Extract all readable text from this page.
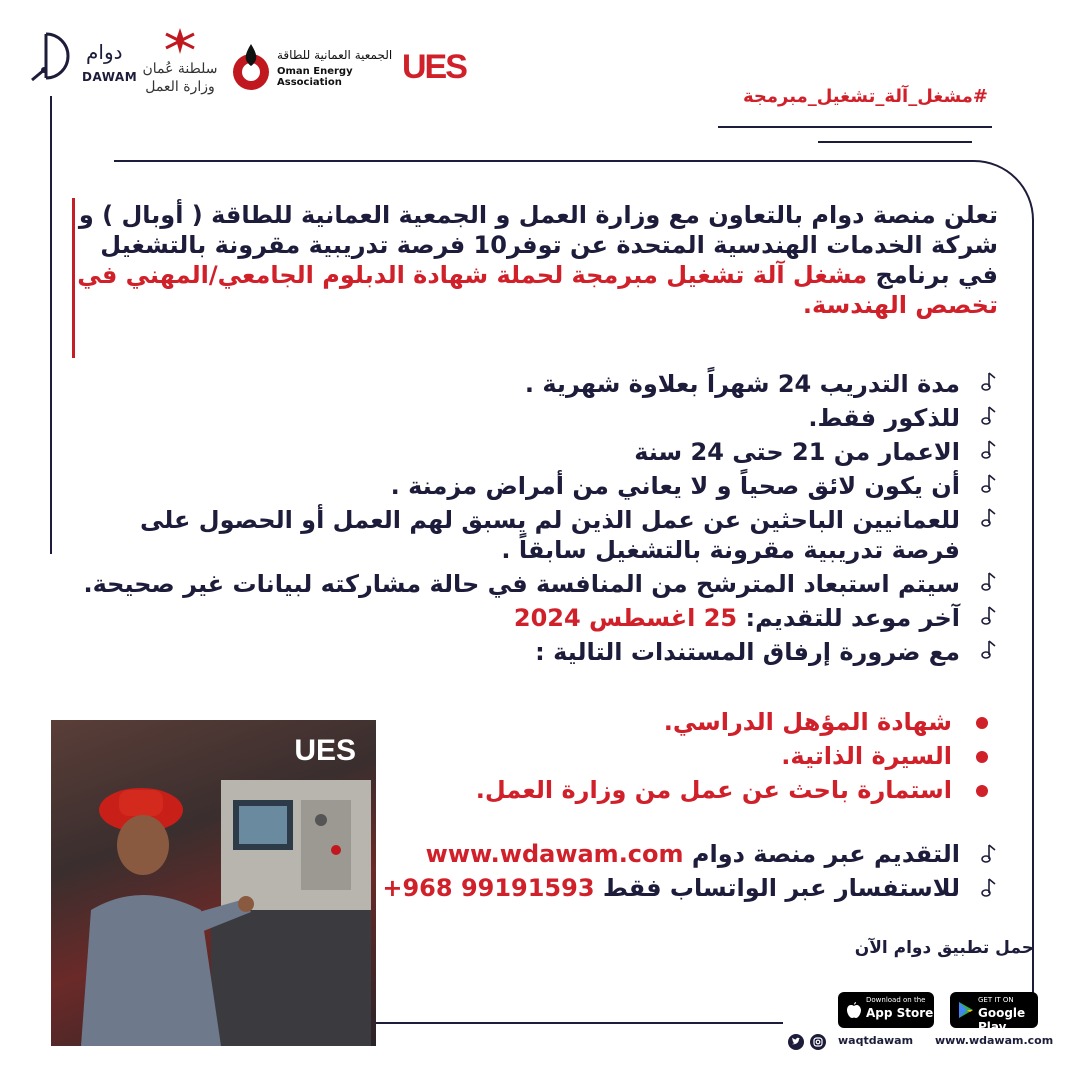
دوام
DAWAM سلطنة عُمان
وزارة العمل
الجمعية العمانية للطاقة
Oman Energy Association	UES
#مشغل_آلة_تشغيل_مبرمجة
تعلن منصة دوام بالتعاون مع وزارة العمل و الجمعية العمانية للطاقة ( أوبال ) و شركة الخدمات الهندسية المتحدة عن توفر10 فرصة تدريبية مقرونة بالتشغيل في برنامج مشغل آلة تشغيل مبرمجة لحملة شهادة الدبلوم الجامعي/المهني في تخصص الهندسة.
مدة التدريب 24 شهراً بعلاوة شهرية .
للذكور فقط.
الاعمار من 21 حتى 24 سنة
أن يكون لائق صحياً و لا يعاني من أمراض مزمنة .
للعمانيين الباحثين عن عمل الذين لم يسبق لهم العمل أو الحصول على فرصة تدريبية مقرونة بالتشغيل سابقاً .
سيتم استبعاد المترشح من المنافسة في حالة مشاركته لبيانات غير صحيحة.
آخر موعد للتقديم: 25 اغسطس 2024
مع ضرورة إرفاق المستندات التالية :
شهادة المؤهل الدراسي.
السيرة الذاتية.
استمارة باحث عن عمل من وزارة العمل.
التقديم عبر منصة دوام www.wdawam.com
للاستفسار عبر الواتساب فقط +968 99191593
UES
حمل تطبيق دوام الآن
Download on the
App Store
GET IT ON
Google Play
waqtdawam www.wdawam.com
